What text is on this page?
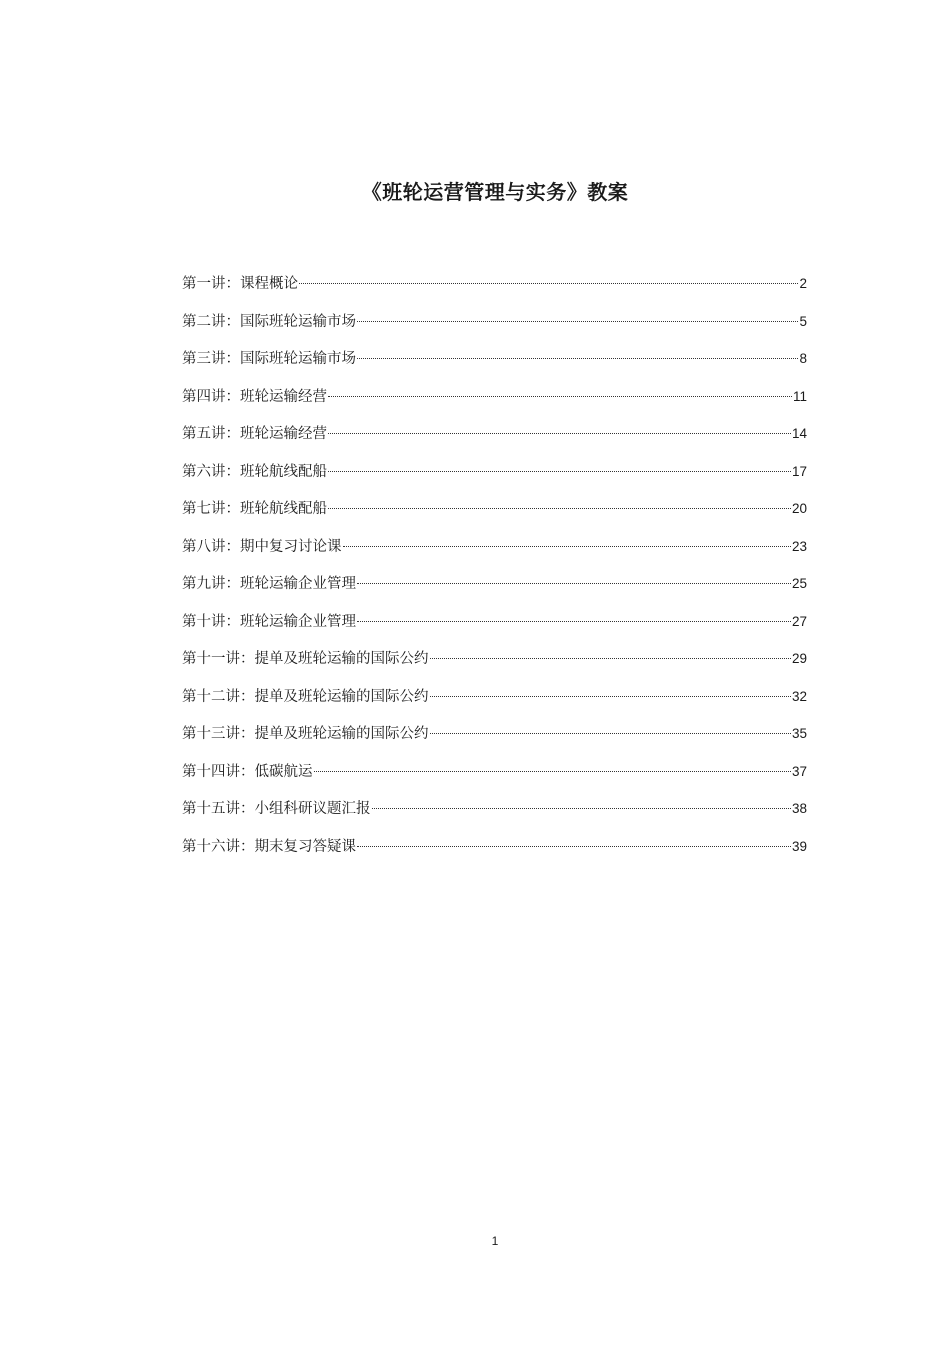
《班轮运营管理与实务》教案
第一讲：课程概论	2
第二讲：国际班轮运输市场	5
第三讲：国际班轮运输市场	8
第四讲：班轮运输经营	11
第五讲：班轮运输经营	14
第六讲：班轮航线配船	17
第七讲：班轮航线配船	20
第八讲：期中复习讨论课	23
第九讲：班轮运输企业管理	25
第十讲：班轮运输企业管理	27
第十一讲：提单及班轮运输的国际公约	29
第十二讲：提单及班轮运输的国际公约	32
第十三讲：提单及班轮运输的国际公约	35
第十四讲：低碳航运	37
第十五讲：小组科研议题汇报	38
第十六讲：期末复习答疑课	39
1
